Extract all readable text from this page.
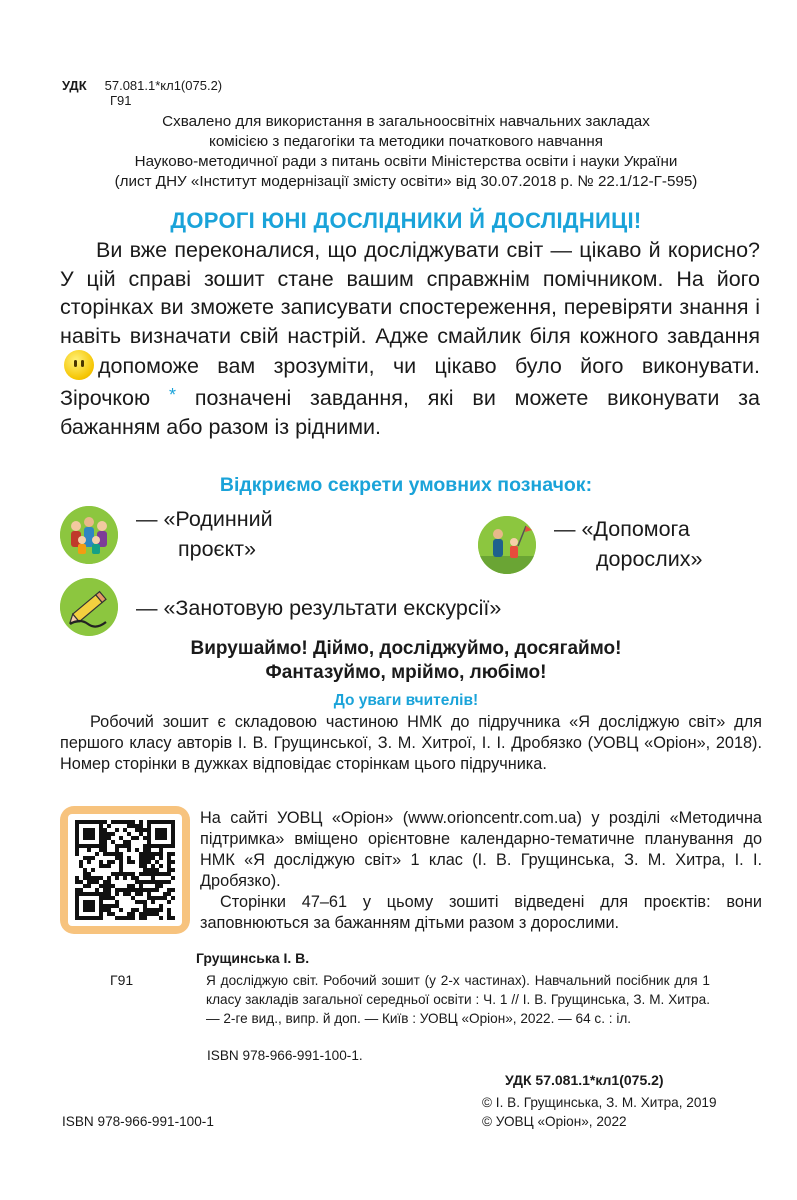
УДК 57.081.1*кл1(075.2)
Г91
Схвалено для використання в загальноосвітніх навчальних закладах
комісією з педагогіки та методики початкового навчання
Науково-методичної ради з питань освіти Міністерства освіти і науки України
(лист ДНУ «Інститут модернізації змісту освіти» від 30.07.2018 р. № 22.1/12-Г-595)
ДОРОГІ ЮНІ ДОСЛІДНИКИ Й ДОСЛІДНИЦІ!

Ви вже переконалися, що досліджувати світ — цікаво й корисно? У цій справі зошит стане вашим справжнім помічником. На його сторінках ви зможете записувати спостереження, перевіряти знання і навіть визначати свій настрій. Адже смайлик біля кожного завданнядопоможе вам зрозуміти, чи цікаво було його виконувати. Зірочкою * позначені завдання, які ви можете виконувати за бажанням або разом із рідними.

Відкриємо секрети умовних позначок:
— «Родинний
проєкт»
— «Допомога
дорослих»
— «Занотовую результати екскурсії»
Вирушаймо! Діймо, досліджуймо, досягаймо!
Фантазуймо, мріймо, любімо!
До уваги вчителів!

Робочий зошит є складовою частиною НМК до підручника «Я досліджую світ» для першого класу авторів І. В. Грущинської, З. М. Хитрої, І. І. Дробязко (УОВЦ «Оріон», 2018). Номер сторінки в дужках відповідає сторінкам цього підручника.

На сайті УОВЦ «Оріон» (www.orioncentr.com.ua) у розділі «Методична підтримка» вміщено орієнтовне календарно-тематичне планування до НМК «Я досліджую світ» 1 клас (І. В. Грущинська, З. М. Хитра, І. І. Дробязко).

Сторінки 47–61 у цьому зошиті відведені для проєктів: вони заповнюються за бажанням дітьми разом з дорослими.

Грущинська І. В.
Г91	Я досліджую світ. Робочий зошит (у 2-х частинах). Навчальний посібник для 1 класу закладів загальної середньої освіти : Ч. 1 // І. В. Грущинська, З. М. Хитра. — 2-ге вид., випр. й доп. — Київ : УОВЦ «Оріон», 2022. — 64 с. : іл.
ISBN 978-966-991-100-1.
УДК 57.081.1*кл1(075.2)
© І. В. Грущинська, З. М. Хитра, 2019
© УОВЦ «Оріон», 2022
ISBN 978-966-991-100-1
